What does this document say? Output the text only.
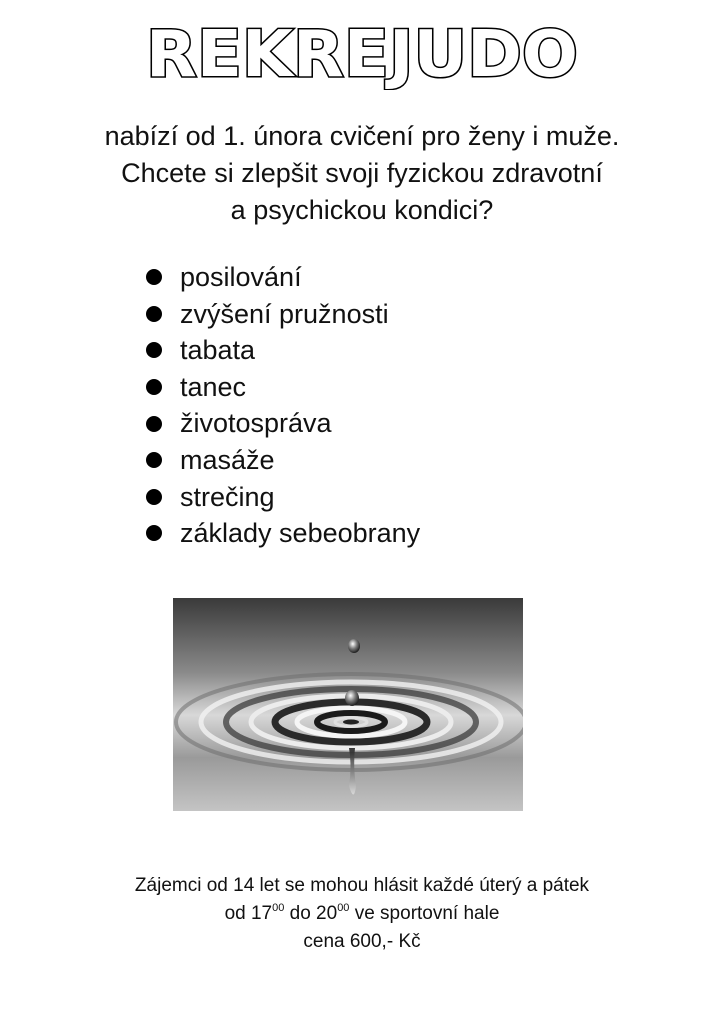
REKREJUDO
nabízí od 1. února cvičení pro ženy i muže.
Chcete si zlepšit svoji fyzickou zdravotní
a psychickou kondici?
posilování
zvýšení pružnosti
tabata
tanec
životospráva
masáže
strečing
základy sebeobrany
Zájemci od 14 let se mohou hlásit každé úterý a pátek
od $17^{00}$ do $20^{00}$ ve sportovní hale
cena 600,- Kč
